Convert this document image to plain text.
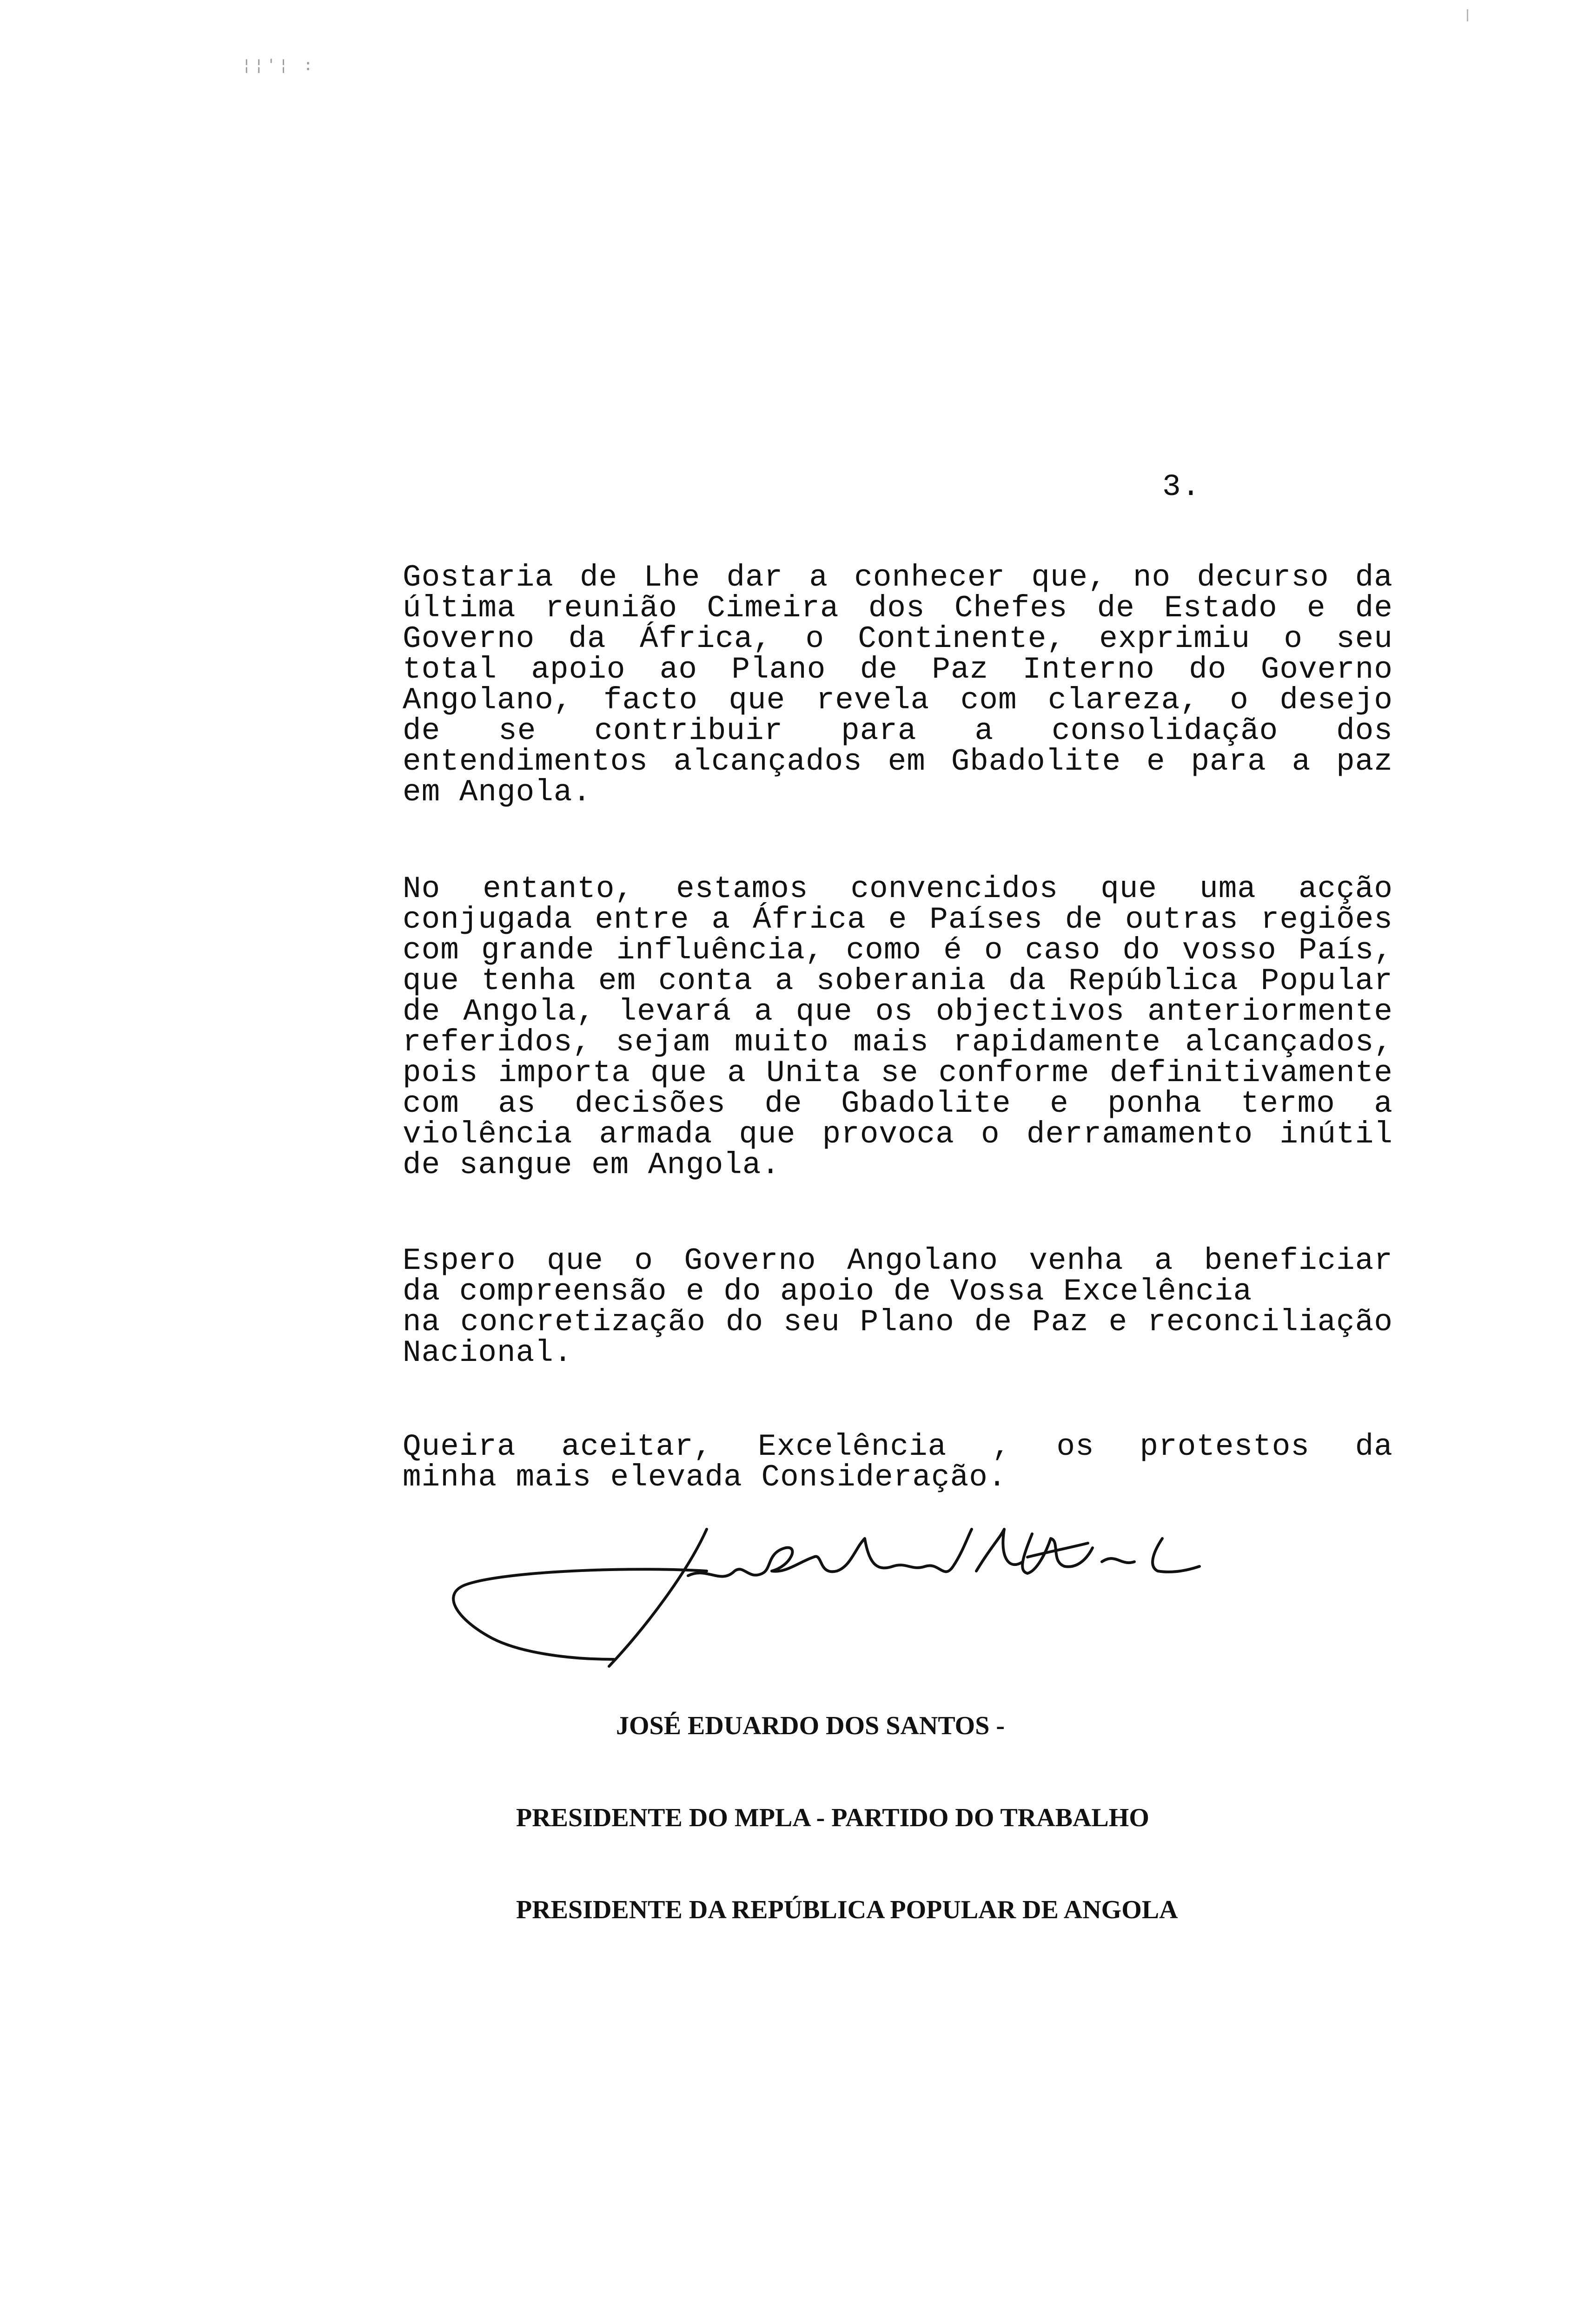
¦¦'¦ :
3.

Gostaria de Lhe dar a conhecer que, no decurso da
última reunião Cimeira dos Chefes de Estado e de
Governo da África, o Continente, exprimiu o seu
total apoio ao Plano de Paz Interno do Governo
Angolano, facto que revela com clareza, o desejo
de se contribuir para a consolidação dos
entendimentos alcançados em Gbadolite e para a paz
em Angola.

No entanto, estamos convencidos que uma acção
conjugada entre a África e Países de outras regiões
com grande influência, como é o caso do vosso País,
que tenha em conta a soberania da República Popular
de Angola, levará a que os objectivos anteriormente
referidos, sejam muito mais rapidamente alcançados,
pois importa que a Unita se conforme definitivamente
com as decisões de Gbadolite e ponha termo a
violência armada que provoca o derramamento inútil
de sangue em Angola.

Espero que o Governo Angolano venha a beneficiar
da compreensão e do apoio de Vossa Excelência
na concretização do seu Plano de Paz e reconciliação
Nacional.

Queira aceitar, Excelência , os protestos da
minha mais elevada Consideração.

JOSÉ EDUARDO DOS SANTOS -

PRESIDENTE DO MPLA - PARTIDO DO TRABALHO

PRESIDENTE DA REPÚBLICA POPULAR DE ANGOLA
